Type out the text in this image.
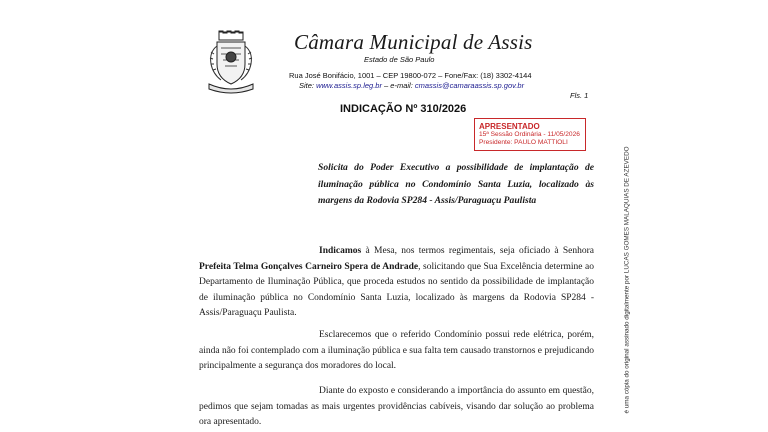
Câmara Municipal de Assis
Estado de São Paulo
Rua José Bonifácio, 1001 – CEP 19800-072 – Fone/Fax: (18) 3302-4144
Site: www.assis.sp.leg.br – e-mail: cmassis@camaraassis.sp.gov.br
Fls. 1
INDICAÇÃO Nº 310/2026
APRESENTADO
15ª Sessão Ordinária - 11/05/2026
Presidente: PAULO MATTIOLI
Solicita do Poder Executivo a possibilidade de implantação de iluminação pública no Condomínio Santa Luzia, localizado às margens da Rodovia SP284 - Assis/Paraguaçu Paulista
Indicamos à Mesa, nos termos regimentais, seja oficiado à Senhora Prefeita Telma Gonçalves Carneiro Spera de Andrade, solicitando que Sua Excelência determine ao Departamento de Iluminação Pública, que proceda estudos no sentido da possibilidade de implantação de iluminação pública no Condomínio Santa Luzia, localizado às margens da Rodovia SP284 - Assis/Paraguaçu Paulista.
Esclarecemos que o referido Condomínio possui rede elétrica, porém, ainda não foi contemplado com a iluminação pública e sua falta tem causado transtornos e prejudicando principalmente a segurança dos moradores do local.
Diante do exposto e considerando a importância do assunto em questão, pedimos que sejam tomadas as mais urgentes providências cabíveis, visando dar solução ao problema ora apresentado.
é uma cópia do original assinado digitalmente por LUCAS GOMES MALAQUIAS DE AZEVEDO
